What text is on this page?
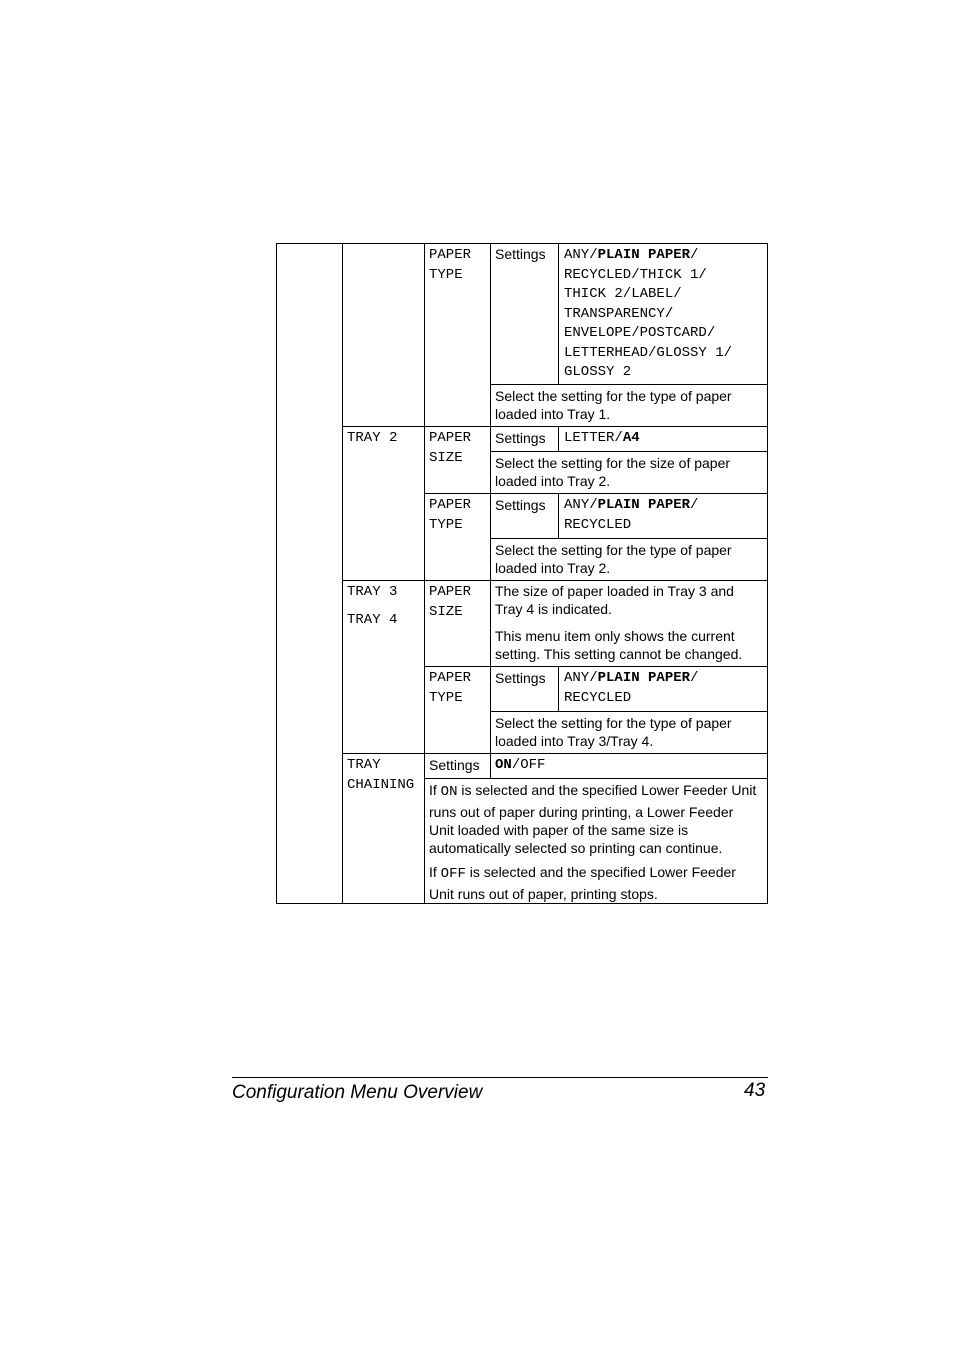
PAPER
TYPE
Settings ANY/PLAIN PAPER/
RECYCLED/THICK 1/
THICK 2/LABEL/
TRANSPARENCY/
ENVELOPE/POSTCARD/
LETTERHEAD/GLOSSY 1/
GLOSSY 2
Select the setting for the type of paper
loaded into Tray 1.
TRAY 2 PAPER
SIZE
Settings LETTER/A4
Select the setting for the size of paper
loaded into Tray 2.
PAPER
TYPE
Settings ANY/PLAIN PAPER/
RECYCLED
Select the setting for the type of paper
loaded into Tray 2.
TRAY 3
TRAY 4
PAPER
SIZE
The size of paper loaded in Tray 3 and
Tray 4 is indicated.
This menu item only shows the current
setting. This setting cannot be changed.
PAPER
TYPE
Settings ANY/PLAIN PAPER/
RECYCLED
Select the setting for the type of paper
loaded into Tray 3/Tray 4.
TRAY
CHAINING
Settings ON/OFF
If ON is selected and the specified Lower Feeder Unit
runs out of paper during printing, a Lower Feeder
Unit loaded with paper of the same size is
automatically selected so printing can continue.
If OFF is selected and the specified Lower Feeder
Unit runs out of paper, printing stops.
Configuration Menu Overview	43
